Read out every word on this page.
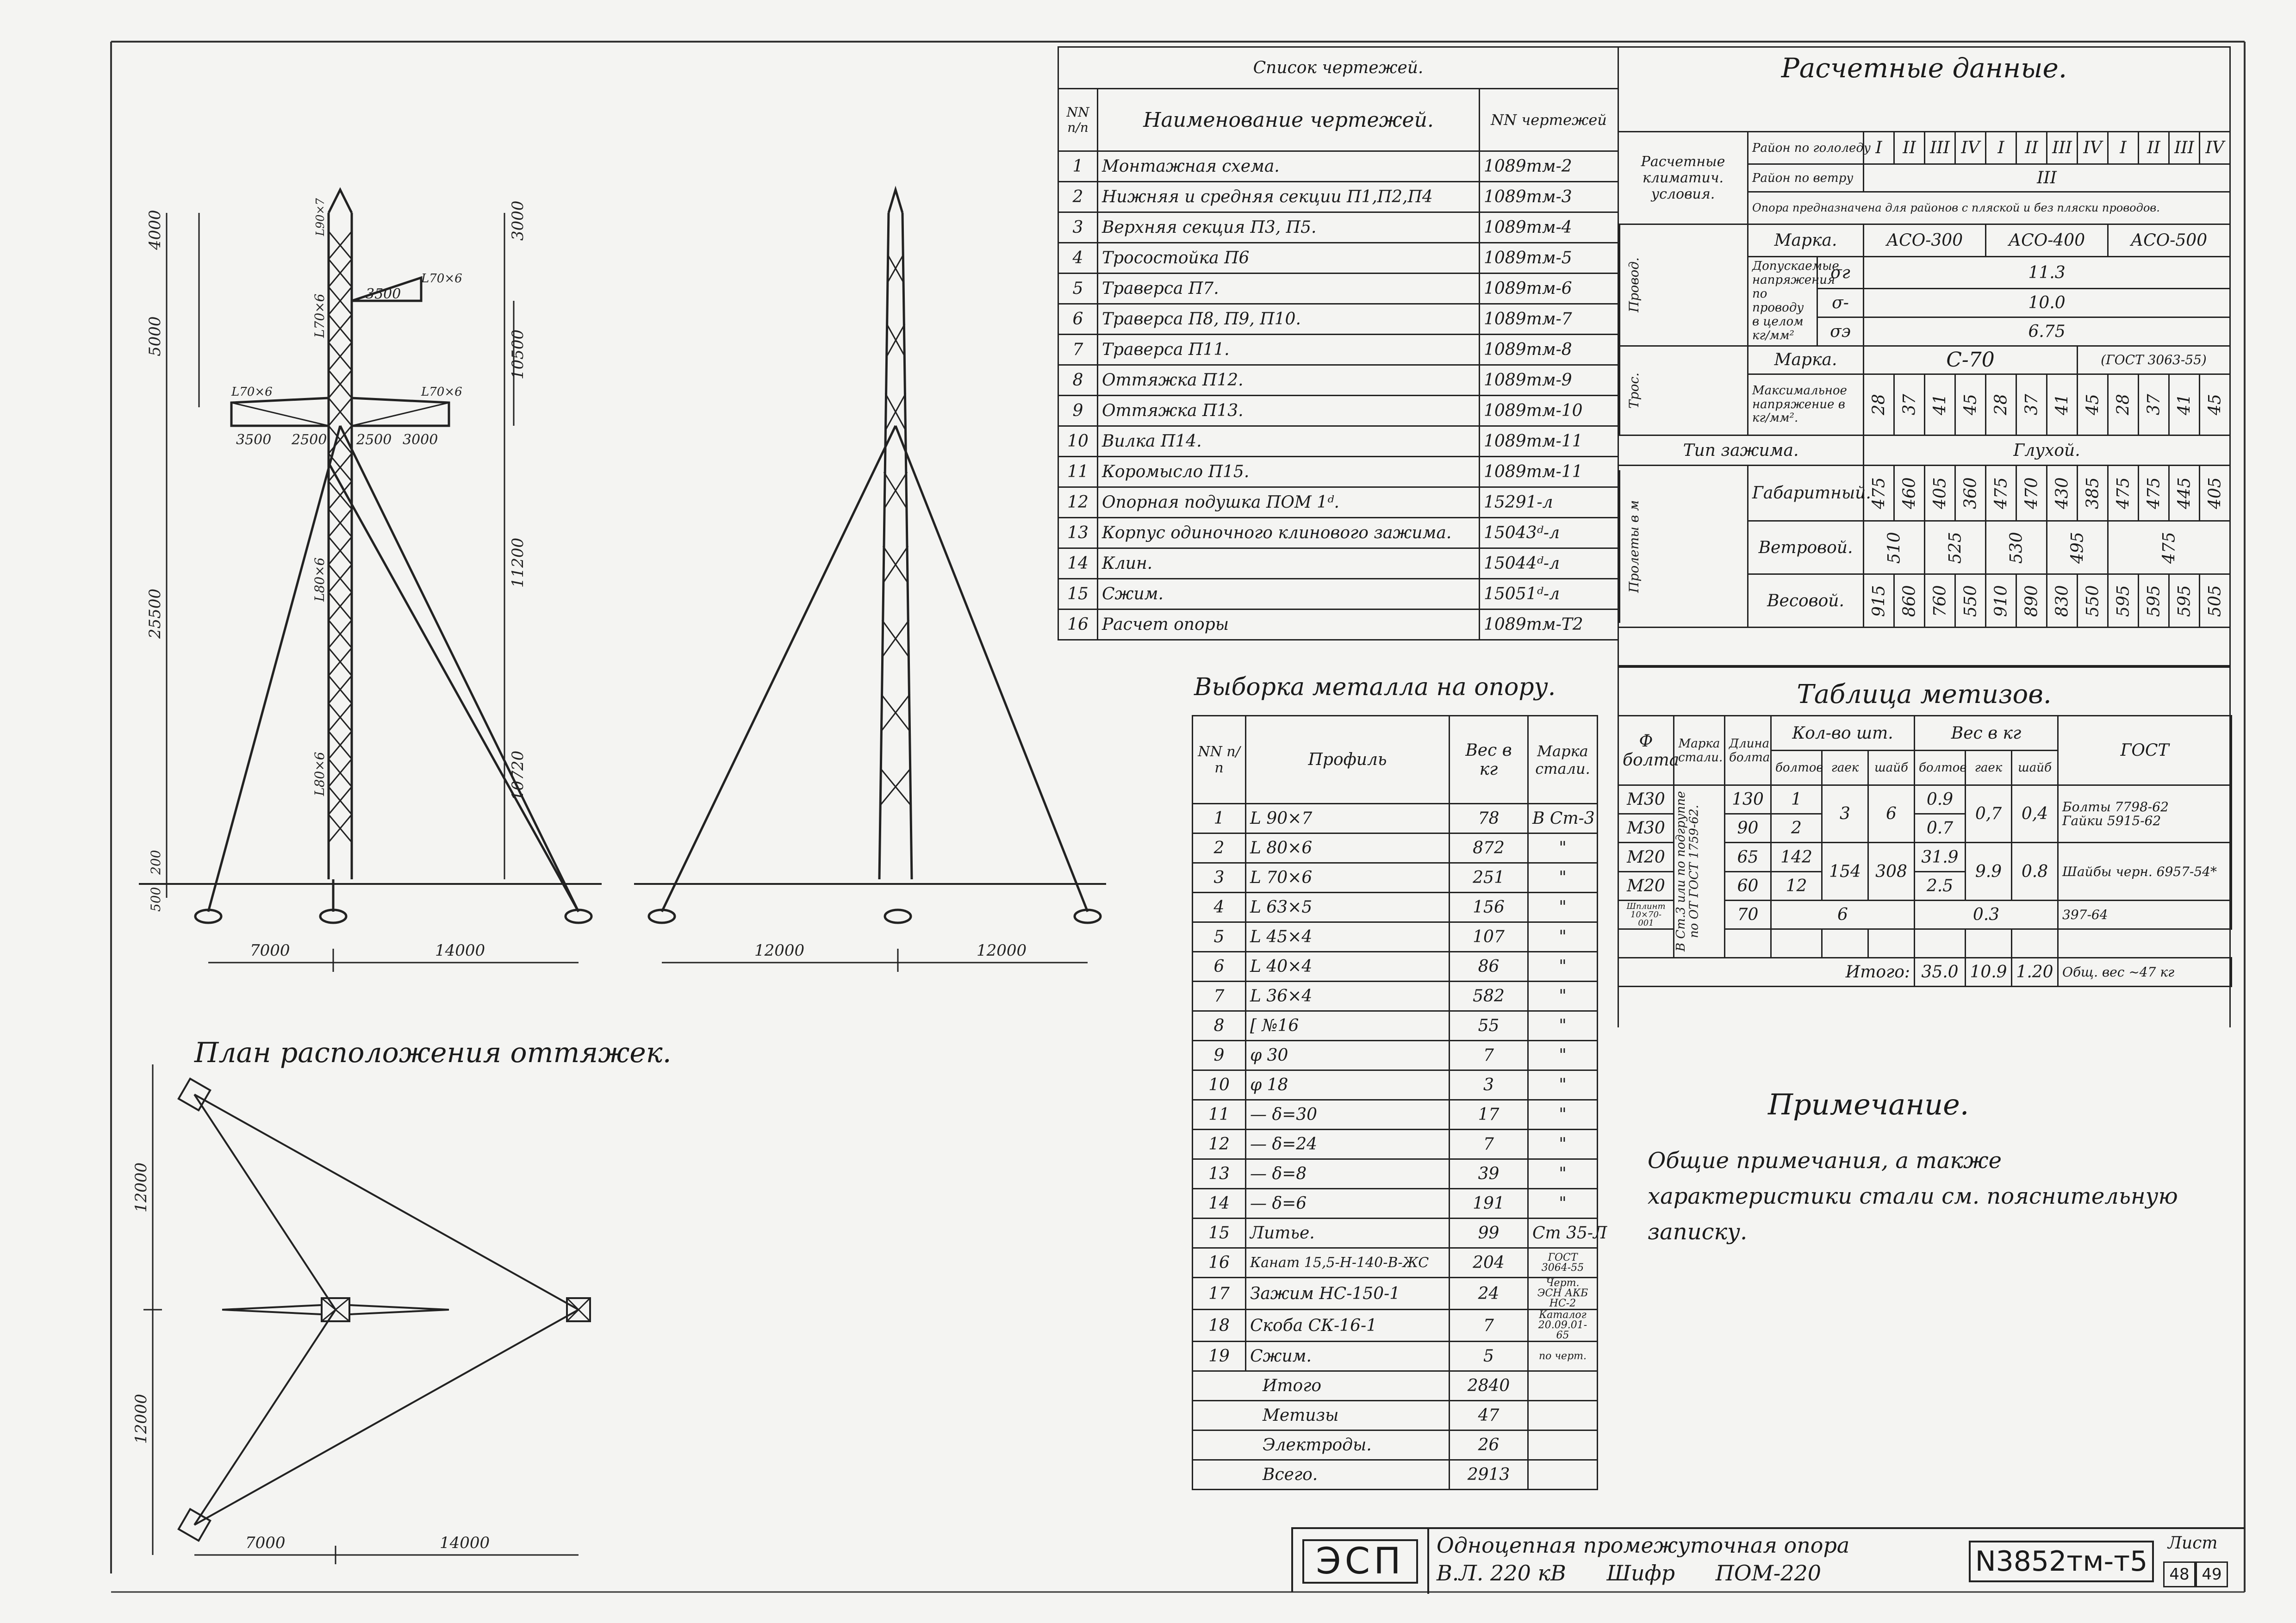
4000
5000
25500
200
500
3000
10500
11200
10720
7000	14000	12000	12000
3500 2500 2500 3000
3500
L70×6
L80×6
L70×6
L80×6
L70×6
L90×7
L70×6
План расположения оттяжек.
12000
12000
7000	14000
Список чертежей.		
NN п/п	Наименование чертежей.	NN чертежей
1	Монтажная схема.	1089тм-2
2	Нижняя и средняя секции П1,П2,П4	1089тм-3
3	Верхняя секция П3, П5.	1089тм-4
4	Тросостойка П6	1089тм-5
5	Траверса П7.	1089тм-6
6	Траверса П8, П9, П10.	1089тм-7
7	Траверса П11.	1089тм-8
8	Оттяжка П12.	1089тм-9
9	Оттяжка П13.	1089тм-10
10	Вилка П14.	1089тм-11
11	Коромысло П15.	1089тм-11
12	Опорная подушка ПОМ 1ᵈ.	15291-л
13	Корпус одиночного клинового зажима.	15043ᵈ-л
14	Клин.	15044ᵈ-л
15	Сжим.	15051ᵈ-л
16	Расчет опоры	1089тм-Т2
Расчетные данные.
Расчетные климатич. условия.	Район по гололеду		I	II	III	IV	I	II	III	IV	I	II	III	IV
	Район по ветру		III											
	Опора предназначена для районов с пляской и без пляски проводов.													

Провод.	Марка.		АСО-300				АСО-400				АСО-500			
	Допускаемые напряжения по проводу в целом кг/мм²	σг	11.3											
		σ-	10.0											
		σэ	6.75											

Трос.	Марка.		С-70							(ГОСТ 3063-55)				
	Максимальное напряжение в кг/мм².		28	37	41	45	28	37	41	45	28	37	41	45
Тип зажима.			Глухой.											

Пролеты в м	Габаритный.		475	460	405	360	475	470	430	385	475	475	445	405
	Ветровой.		510		525		530		495		475			
	Весовой.		915	860	760	550	910	890	830	550	595	595	595	505
Выборка металла на опору.
NN п/п	Профиль	Вес в кг	Марка стали.
1	L 90×7	78	В Ст-3
2	L 80×6	872	"
3	L 70×6	251	"
4	L 63×5	156	"
5	L 45×4	107	"
6	L 40×4	86	"
7	L 36×4	582	"
8	[ №16	55	"
9	φ 30	7	"
10	φ 18	3	"
11	— δ=30	17	"
12	— δ=24	7	"
13	— δ=8	39	"
14	— δ=6	191	"
15	Литье.	99	Ст 35-Л
16	Канат 15,5-Н-140-В-ЖС	204	ГОСТ 3064-55
17	Зажим НС-150-1	24	Черт. ЭСН АКБ НС-2
18	Скоба СК-16-1	7	Каталог 20.09.01-65
19	Сжим.	5	по черт.
Итого		2840	
Метизы		47	
Электроды.		26	
Всего.		2913	
Таблица метизов.
Ф болта	Марка стали.	Длина болта	Кол-во шт.			Вес в кг			ГОСТ
			болтов	гаек	шайб	болтов	гаек	шайб	
М30	В Ст.3 или по подгруппе по ОТ ГОСТ 1759-62.	130	1	3	6	0.9	0,7	0,4	Болты 7798-62
Гайки 5915-62
М30		90	2			0.7			
М20		65	142	154	308	31.9	9.9	0.8	Шайбы черн. 6957-54*
М20		60	12			2.5			
Шплинт 10×70-001		70	6			0.3			397-64

Итого:						35.0	10.9	1.20	Общ. вес ~47 кг
Примечание.
Общие примечания, а также характеристики стали см. пояснительную записку.
ЭСП	Одноцепная промежуточная опора
В.Л. 220 кВ      Шифр      ПОМ-220	N3852тм-т5
Лист
48 49
